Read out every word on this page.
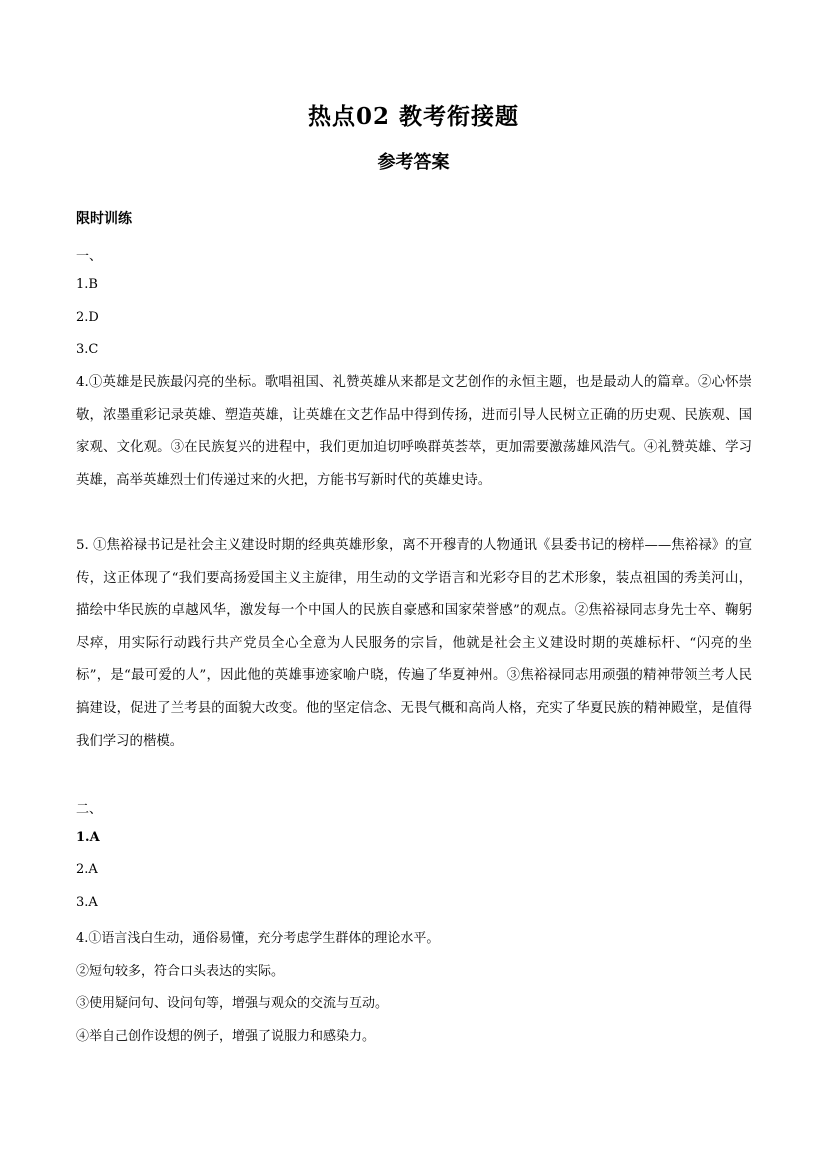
热点02 教考衔接题
参考答案
限时训练
一、
1.B
2.D
3.C
4.①英雄是民族最闪亮的坐标。歌唱祖国、礼赞英雄从来都是文艺创作的永恒主题，也是最动人的篇章。②心怀崇敬，浓墨重彩记录英雄、塑造英雄，让英雄在文艺作品中得到传扬，进而引导人民树立正确的历史观、民族观、国家观、文化观。③在民族复兴的进程中，我们更加迫切呼唤群英荟萃，更加需要激荡雄风浩气。④礼赞英雄、学习英雄，高举英雄烈士们传递过来的火把，方能书写新时代的英雄史诗。
5. ①焦裕禄书记是社会主义建设时期的经典英雄形象，离不开穆青的人物通讯《县委书记的榜样——焦裕禄》的宣传，这正体现了“我们要高扬爱国主义主旋律，用生动的文学语言和光彩夺目的艺术形象，装点祖国的秀美河山，描绘中华民族的卓越风华，激发每一个中国人的民族自豪感和国家荣誉感”的观点。②焦裕禄同志身先士卒、鞠躬尽瘁，用实际行动践行共产党员全心全意为人民服务的宗旨，他就是社会主义建设时期的英雄标杆、“闪亮的坐标”，是“最可爱的人”，因此他的英雄事迹家喻户晓，传遍了华夏神州。③焦裕禄同志用顽强的精神带领兰考人民搞建设，促进了兰考县的面貌大改变。他的坚定信念、无畏气概和高尚人格，充实了华夏民族的精神殿堂，是值得我们学习的楷模。
二、
1.A
2.A
3.A
4.①语言浅白生动，通俗易懂，充分考虑学生群体的理论水平。
②短句较多，符合口头表达的实际。
③使用疑问句、设问句等，增强与观众的交流与互动。
④举自己创作设想的例子，增强了说服力和感染力。
